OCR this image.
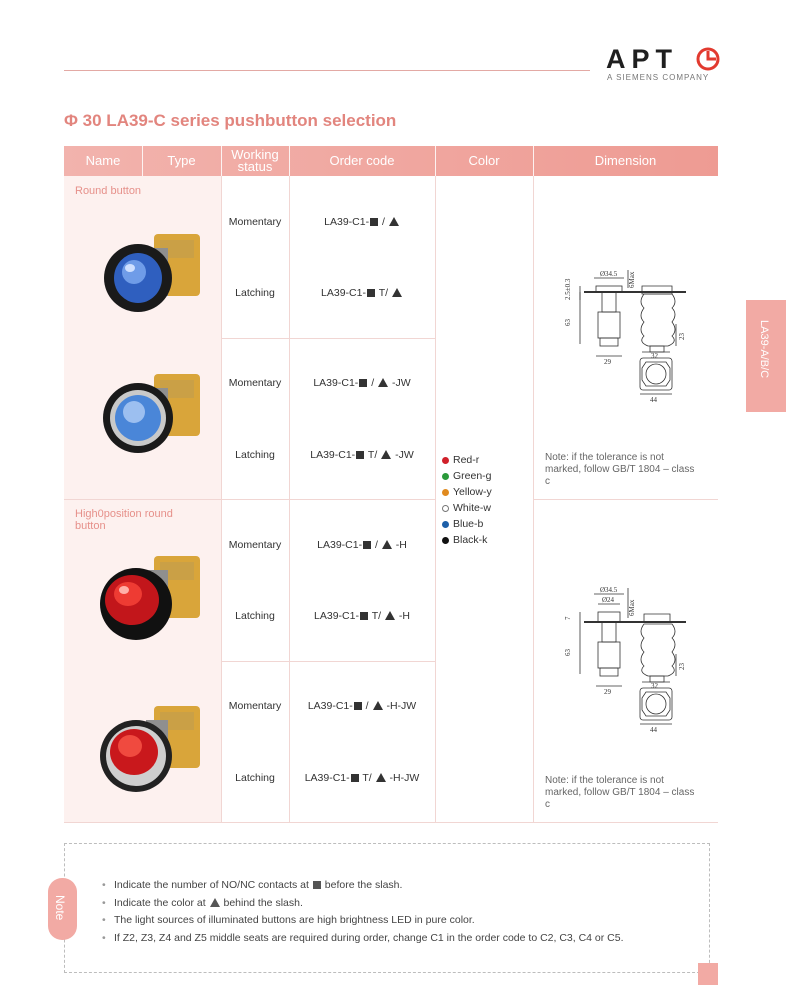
APT
A SIEMENS COMPANY
Φ 30 LA39-C series pushbutton selection
Name	Type	Working status	Order code	Color	Dimension
Round button
High0position round button
Momentary	LA39-C1- /
Latching	LA39-C1- T/
Momentary	LA39-C1- /  -JW
Latching	LA39-C1- T/  -JW
Momentary	LA39-C1- /  -H
Latching	LA39-C1- T/  -H
Momentary	LA39-C1- /  -H-JW
Latching	LA39-C1- T/  -H-JW
Red-r
Green-g
Yellow-y
White-w
Blue-b
Black-k
Ø34.5 6Max
2.5±0.3
63
29
23
32
44
Note: if the tolerance is not marked, follow GB/T 1804 – class c
Ø34.5
Ø24 6Max
7
63
29
23
32
44
Note: if the tolerance is not marked, follow GB/T 1804 – class c
LA39-A/B/C
Note
• Indicate the number of NO/NC contacts at  before the slash.
• Indicate the color at  behind the slash.
• The light sources of illuminated buttons are high brightness LED in pure color.
• If Z2, Z3, Z4 and Z5 middle seats are required during order, change C1 in the order code to C2, C3, C4 or C5.
